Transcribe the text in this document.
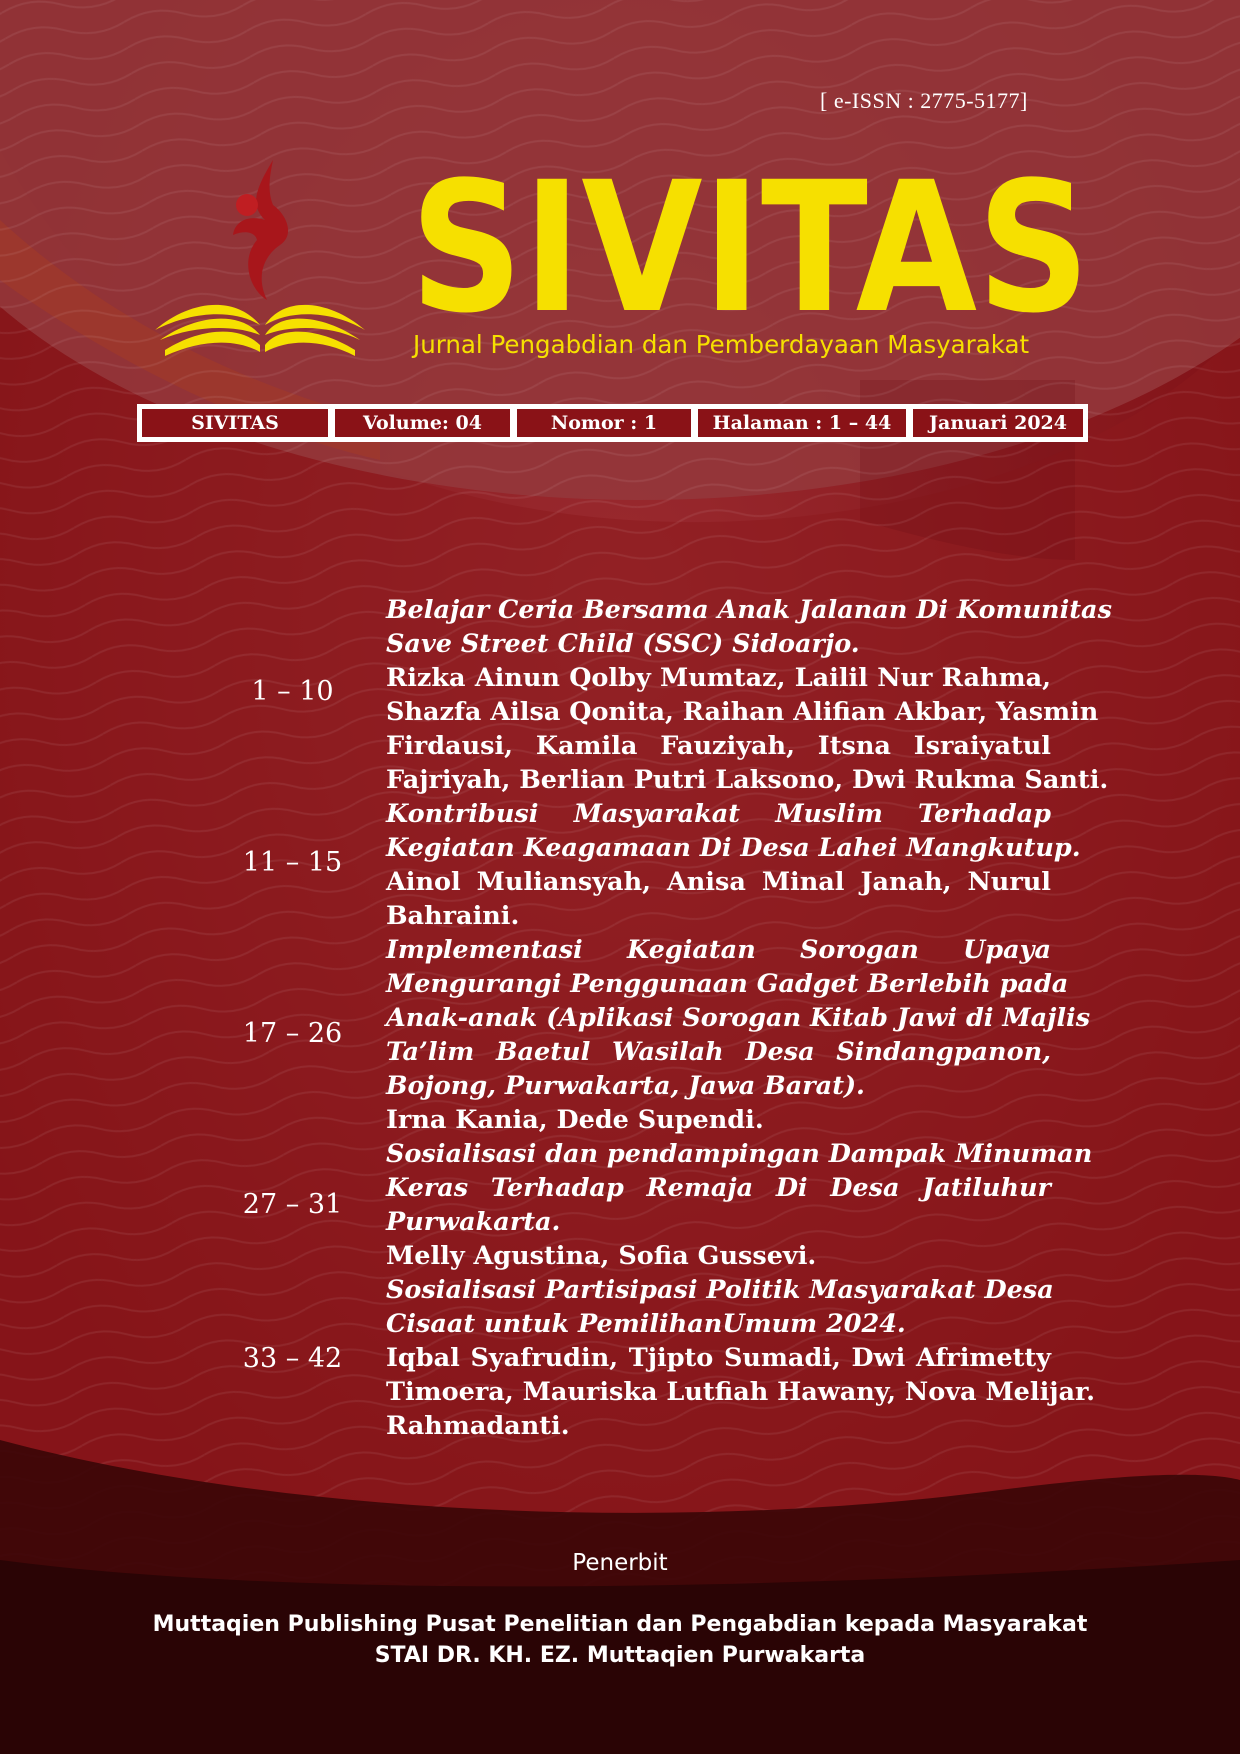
[ e-ISSN : 2775-5177]
SIVITAS
Jurnal Pengabdian dan Pemberdayaan Masyarakat
SIVITAS	Volume: 04	Nomor : 1	Halaman : 1 – 44	Januari 2024
1 – 10
Belajar Ceria Bersama Anak Jalanan Di Komunitas
Save Street Child (SSC) Sidoarjo.
Rizka Ainun Qolby Mumtaz, Lailil Nur Rahma,
Shazfa Ailsa Qonita, Raihan Alifian Akbar, Yasmin
Firdausi, Kamila Fauziyah, Itsna Israiyatul
Fajriyah, Berlian Putri Laksono, Dwi Rukma Santi.
11 – 15
Kontribusi Masyarakat Muslim Terhadap
Kegiatan Keagamaan Di Desa Lahei Mangkutup.
Ainol Muliansyah, Anisa Minal Janah, Nurul
Bahraini.
17 – 26
Implementasi Kegiatan Sorogan Upaya
Mengurangi Penggunaan Gadget Berlebih pada
Anak-anak (Aplikasi Sorogan Kitab Jawi di Majlis
Ta’lim Baetul Wasilah Desa Sindangpanon,
Bojong, Purwakarta, Jawa Barat).
Irna Kania, Dede Supendi.
27 – 31
Sosialisasi dan pendampingan Dampak Minuman
Keras Terhadap Remaja Di Desa Jatiluhur
Purwakarta.
Melly Agustina, Sofia Gussevi.
33 – 42
Sosialisasi Partisipasi Politik Masyarakat Desa
Cisaat untuk PemilihanUmum 2024.
Iqbal Syafrudin, Tjipto Sumadi, Dwi Afrimetty
Timoera, Mauriska Lutfiah Hawany, Nova Melijar.
Rahmadanti.
Penerbit
Muttaqien Publishing Pusat Penelitian dan Pengabdian kepada Masyarakat
STAI DR. KH. EZ. Muttaqien Purwakarta
